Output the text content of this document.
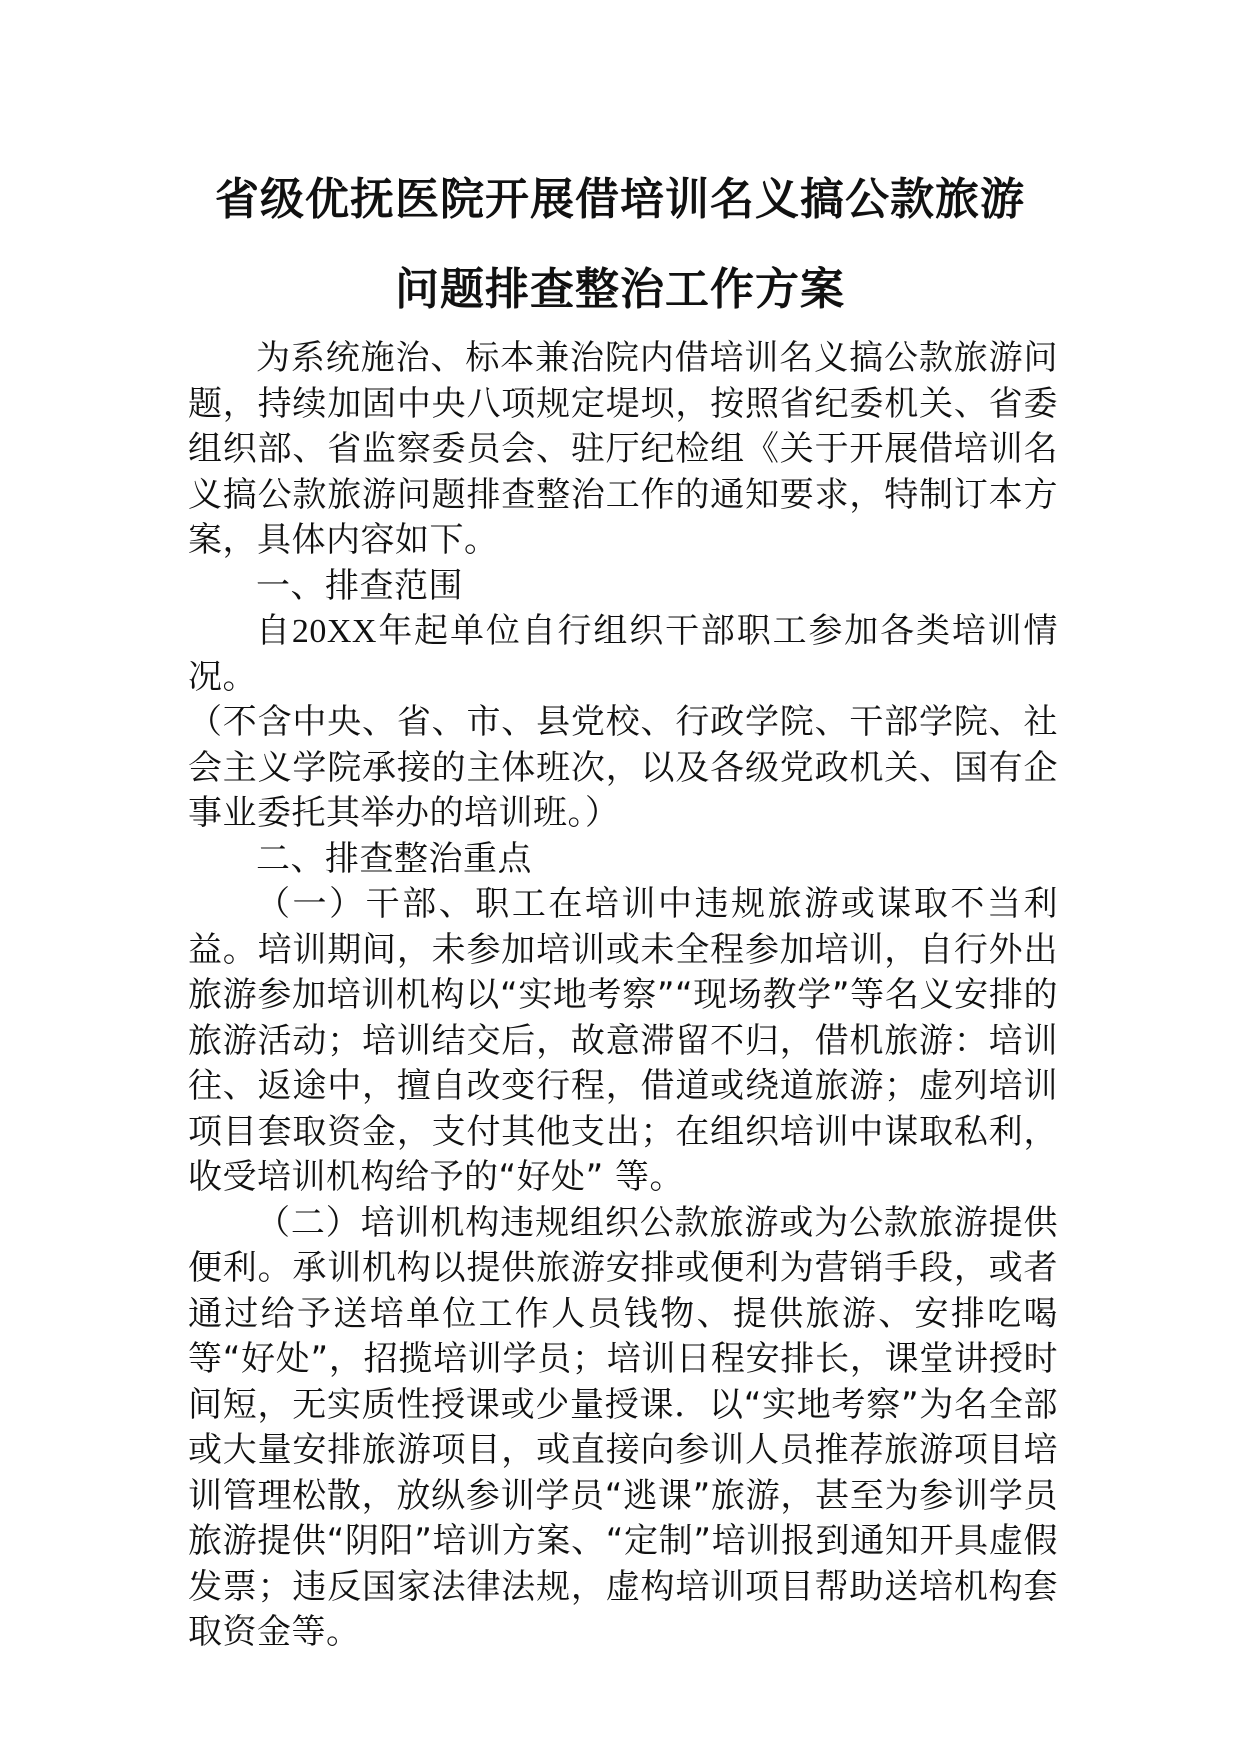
省级优抚医院开展借培训名义搞公款旅游
问题排查整治工作方案

为系统施治、标本兼治院内借培训名义搞公款旅游问题，持续加固中央八项规定堤坝，按照省纪委机关、省委组织部、省监察委员会、驻厅纪检组《关于开展借培训名义搞公款旅游问题排查整治工作的通知要求，特制订本方案，具体内容如下。

一、排查范围

自20XX年起单位自行组织干部职工参加各类培训情况。

（不含中央、省、市、县党校、行政学院、干部学院、社会主义学院承接的主体班次，以及各级党政机关、国有企事业委托其举办的培训班。）

二、排查整治重点

（一）干部、职工在培训中违规旅游或谋取不当利益。培训期间，未参加培训或未全程参加培训，自行外出旅游参加培训机构以“实地考察”“现场教学”等名义安排的旅游活动；培训结交后，故意滞留不归，借机旅游：培训往、返途中，擅自改变行程，借道或绕道旅游；虚列培训项目套取资金，支付其他支出；在组织培训中谋取私利，收受培训机构给予的“好处” 等。

（二）培训机构违规组织公款旅游或为公款旅游提供便利。承训机构以提供旅游安排或便利为营销手段，或者通过给予送培单位工作人员钱物、提供旅游、安排吃喝等“好处”，招揽培训学员；培训日程安排长，课堂讲授时间短，无实质性授课或少量授课．以“实地考察”为名全部或大量安排旅游项目，或直接向参训人员推荐旅游项目培训管理松散，放纵参训学员“逃课”旅游，甚至为参训学员旅游提供“阴阳”培训方案、“定制”培训报到通知开具虚假发票；违反国家法律法规，虚构培训项目帮助送培机构套取资金等。
